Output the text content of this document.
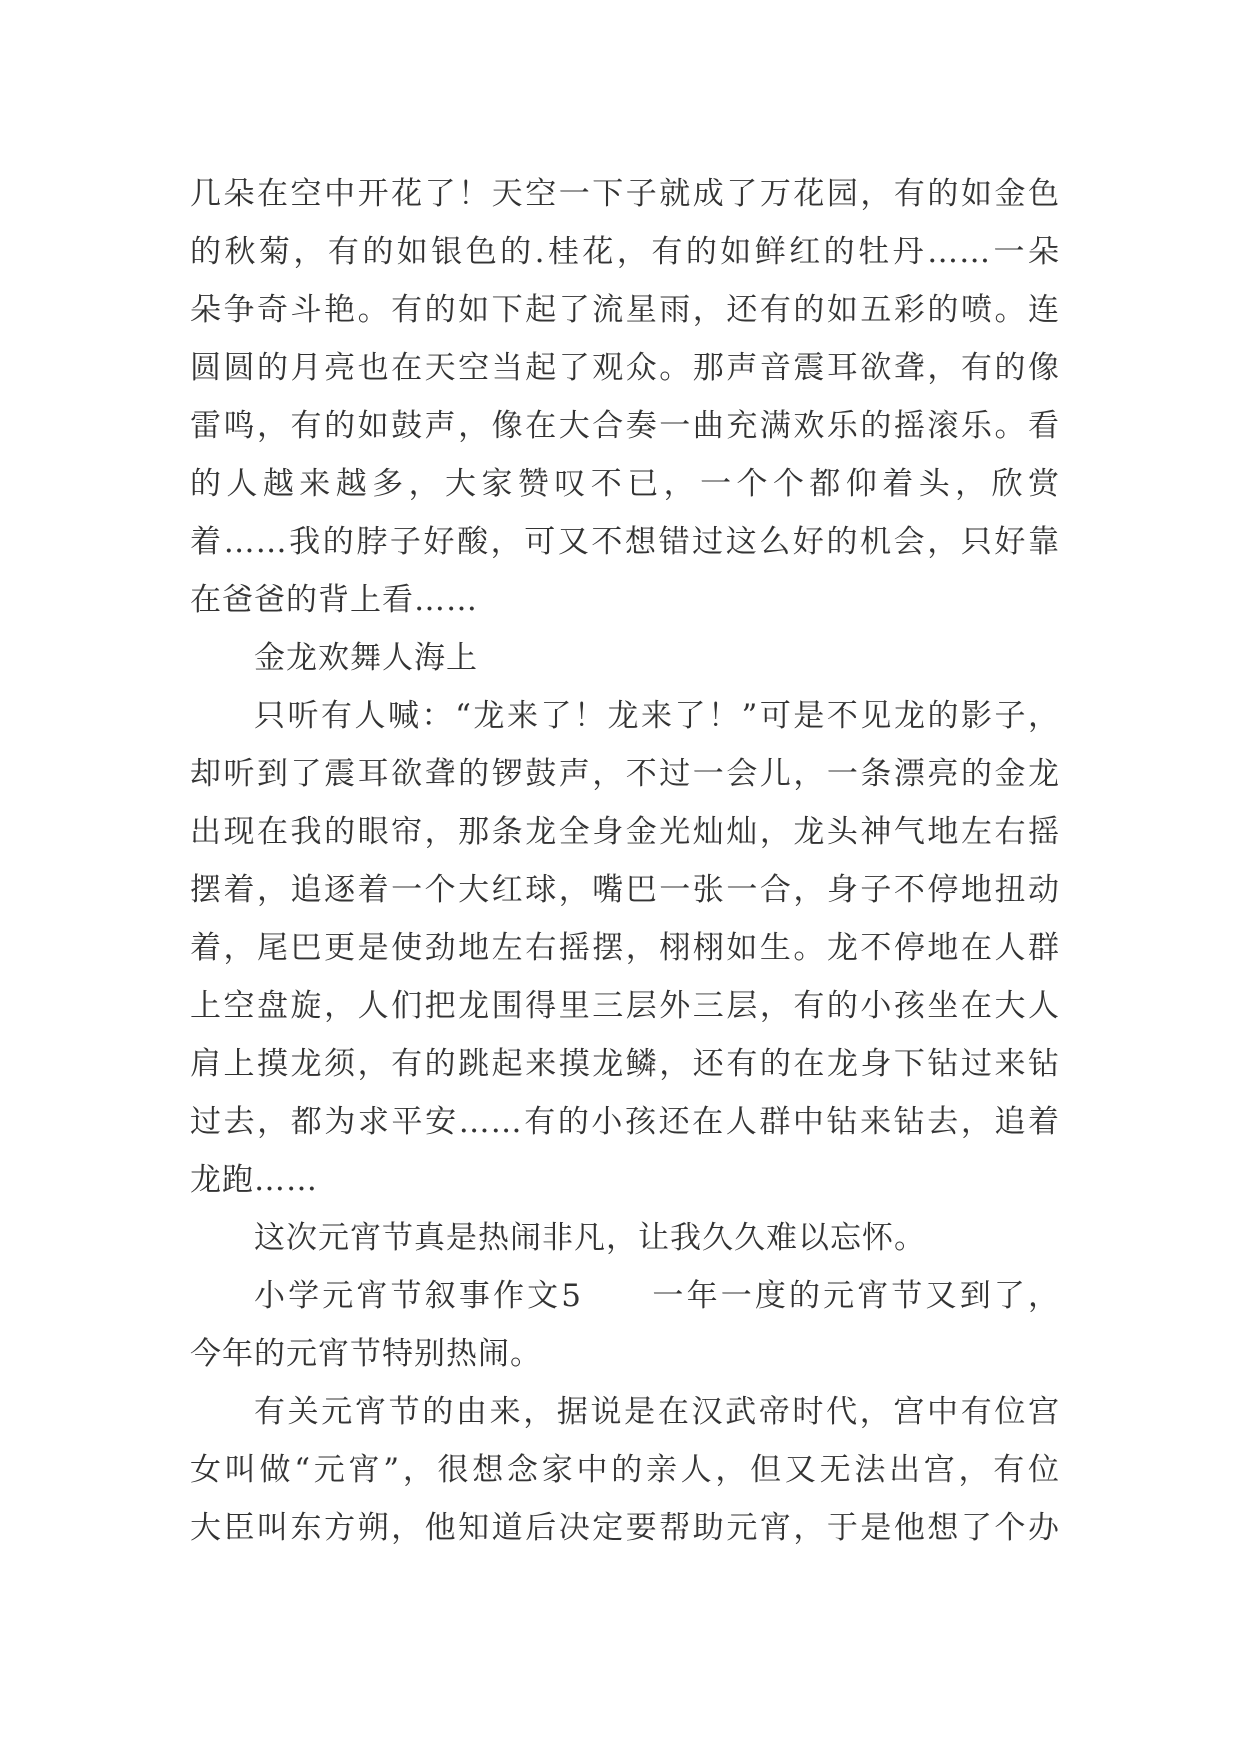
几朵在空中开花了！天空一下子就成了万花园，有的如金色
的秋菊，有的如银色的.桂花，有的如鲜红的牡丹……一朵
朵争奇斗艳。有的如下起了流星雨，还有的如五彩的喷。连
圆圆的月亮也在天空当起了观众。那声音震耳欲聋，有的像
雷鸣，有的如鼓声，像在大合奏一曲充满欢乐的摇滚乐。看
的人越来越多，大家赞叹不已，一个个都仰着头，欣赏
着……我的脖子好酸，可又不想错过这么好的机会，只好靠
在爸爸的背上看……
金龙欢舞人海上
只听有人喊：“龙来了！龙来了！”可是不见龙的影子，
却听到了震耳欲聋的锣鼓声，不过一会儿，一条漂亮的金龙
出现在我的眼帘，那条龙全身金光灿灿，龙头神气地左右摇
摆着，追逐着一个大红球，嘴巴一张一合，身子不停地扭动
着，尾巴更是使劲地左右摇摆，栩栩如生。龙不停地在人群
上空盘旋，人们把龙围得里三层外三层，有的小孩坐在大人
肩上摸龙须，有的跳起来摸龙鳞，还有的在龙身下钻过来钻
过去，都为求平安……有的小孩还在人群中钻来钻去，追着
龙跑……
这次元宵节真是热闹非凡，让我久久难以忘怀。
小学元宵节叙事作文5　　一年一度的元宵节又到了，
今年的元宵节特别热闹。
有关元宵节的由来，据说是在汉武帝时代，宫中有位宫
女叫做“元宵”，很想念家中的亲人，但又无法出宫，有位
大臣叫东方朔，他知道后决定要帮助元宵，于是他想了个办
